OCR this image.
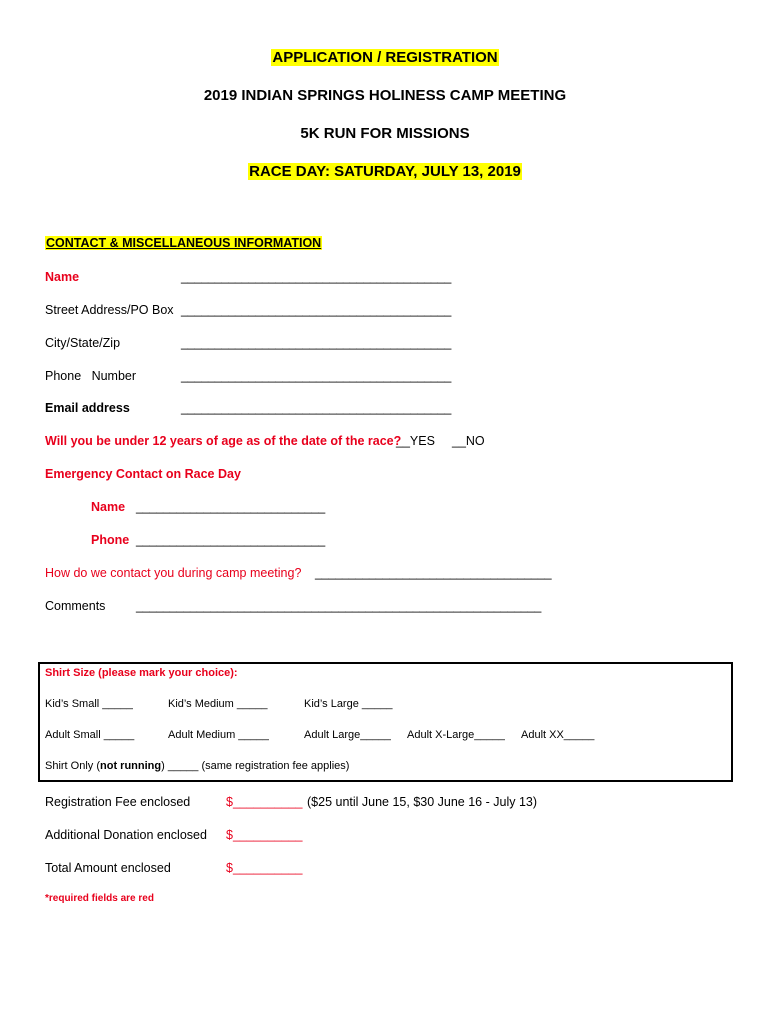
APPLICATION / REGISTRATION
2019 INDIAN SPRINGS HOLINESS CAMP MEETING
5K RUN FOR MISSIONS
RACE DAY: SATURDAY, JULY 13, 2019
CONTACT & MISCELLANEOUS INFORMATION
Name	________________________________________
Street Address/PO Box ________________________________________
City/State/Zip	________________________________________
Phone   Number	________________________________________
Email address	________________________________________
Will you be under 12 years of age as of the date of the race?
__YES __NO
Emergency Contact on Race Day
Name ____________________________
Phone ____________________________
How do we contact you during camp meeting? ___________________________________
Comments ____________________________________________________________
Shirt Size (please mark your choice):
Kid’s Small _____	Kid’s Medium _____	Kid’s Large _____
Adult Small _____	Adult Medium _____	Adult Large_____ Adult X-Large_____ Adult XX_____
Shirt Only (not running) _____ (same registration fee applies)
Registration Fee enclosed	$__________ ($25 until June 15, $30 June 16 - July 13)
Additional Donation enclosed $__________
Total Amount enclosed	$__________
*required fields are red
